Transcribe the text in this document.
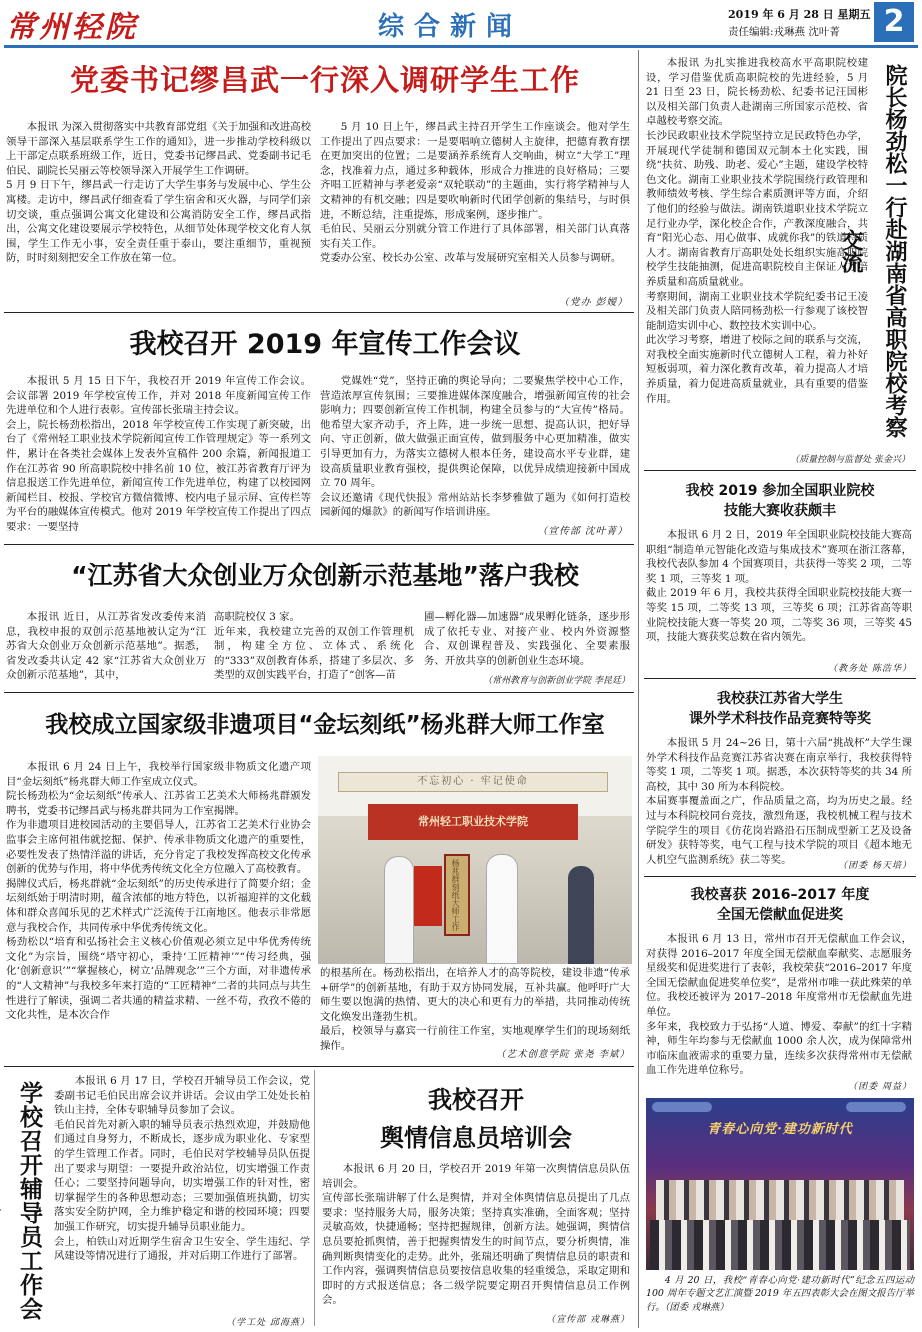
常州轻院	综合新闻	2019 年 6 月 28 日 星期五
责任编辑:戎琳燕 沈叶菁	2
党委书记缪昌武一行深入调研学生工作
本报讯 为深入贯彻落实中共教育部党组《关于加强和改进高校领导干部深入基层联系学生工作的通知》，进一步推动学校科级以上干部定点联系班级工作，近日，党委书记缪昌武、党委副书记毛伯民、副院长吴丽云等校领导深入开展学生工作调研。
5 月 9 日下午，缪昌武一行走访了大学生事务与发展中心、学生公寓楼。走访中，缪昌武仔细查看了学生宿舍和灭火器，与同学们亲切交谈，重点强调公寓文化建设和公寓消防安全工作，缪昌武指出，公寓文化建设要展示学校特色，从细节处体现学校文化育人氛围，学生工作无小事，安全责任重于泰山，要注重细节，重视预防，时时刻刻把安全工作放在第一位。
5 月 10 日上午，缪昌武主持召开学生工作座谈会。他对学生工作提出了四点要求：一是要唱响立德树人主旋律，把德育教育摆在更加突出的位置；二是要涵养系统育人交响曲，树立“大学工”理念，找准着力点，通过多种载体，形成合力推进的良好格局；三要齐唱工匠精神与孝老爱亲“双轮联动”的主题曲，实行将学精神与人文精神的有机交融；四是要吹响新时代团学创新的集结号，与时俱进，不断总结，注重提炼，形成案例，逐步推广。
毛伯民、吴丽云分别就分管工作进行了具体部署，相关部门认真落实有关工作。
党委办公室、校长办公室、改革与发展研究室相关人员参与调研。
（党办 彭嫒）
我校召开 2019 年宣传工作会议
本报讯 5 月 15 日下午，我校召开 2019 年宣传工作会议。会议部署 2019 年学校宣传工作，并对 2018 年度新闻宣传工作先进单位和个人进行表彰。宣传部长张瑞主持会议。
会上，院长杨劲松指出，2018 年学校宣传工作实现了新突破，出台了《常州轻工职业技术学院新闻宣传工作管理规定》等一系列文件，累计在各类社会媒体上发表外宣稿件 200 余篇，新闻报道工作在江苏省 90 所高职院校中排名前 10 位，被江苏省教育厅评为信息报送工作先进单位，新闻宣传工作先进单位，构建了以校园网新闻栏目、校报、学校官方微信微博、校内电子显示屏、宣传栏等为平台的融媒体宣传模式。他对 2019 年学校宣传工作提出了四点要求：一要坚持
党媒姓“党”，坚持正确的舆论导向；二要聚焦学校中心工作，营造浓厚宣传氛围；三要推进媒体深度融合，增强新闻宣传的社会影响力；四要创新宣传工作机制，构建全员参与的“大宣传”格局。他希望大家齐动手，齐上阵，进一步统一思想、提高认识，把好导向、守正创新，做大做强正面宣传，做到服务中心更加精准，做实引导更加有力，为落实立德树人根本任务，建设高水平专业群，建设高质量职业教育强校，提供舆论保障，以优异成绩迎接新中国成立 70 周年。
会议还邀请《现代快报》常州站站长李梦雅做了题为《如何打造校园新闻的爆款》的新闻写作培训讲座。
（宣传部 沈叶菁）
“江苏省大众创业万众创新示范基地”落户我校
本报讯 近日，从江苏省发改委传来消息，我校申报的双创示范基地被认定为“江苏省大众创业万众创新示范基地”。据悉，省发改委共认定 42 家“江苏省大众创业万众创新示范基地”，其中，
高职院校仅 3 家。
近年来，我校建立完善的双创工作管理机制，构建全方位、立体式、系统化的“333”双创教育体系，搭建了多层次、多类型的双创实践平台，打造了“创客—苗
圃—孵化器—加速器”成果孵化链条，逐步形成了依托专业、对接产业、校内外资源整合、双创课程普及、实践强化、全要素服务、开放共享的创新创业生态环境。
（常州教育与创新创业学院 李昆廷）
我校成立国家级非遗项目“金坛刻纸”杨兆群大师工作室
本报讯 6 月 24 日上午，我校举行国家级非物质文化遗产项目“金坛刻纸”杨兆群大师工作室成立仪式。
院长杨劲松为“金坛刻纸”传承人、江苏省工艺美术大师杨兆群颁发聘书，党委书记缪昌武与杨兆群共同为工作室揭牌。
作为非遗项目进校园活动的主要倡导人，江苏省工艺美术行业协会监事会主席何祖伟就挖掘、保护、传承非物质文化遗产的重要性，必要性发表了热情洋溢的讲话，充分肯定了我校发挥高校文化传承创新的优势与作用，将中华优秀传统文化全方位融入了高校教育。
揭牌仪式后，杨兆群就“金坛刻纸”的历史传承进行了简要介绍；金坛刻纸始于明清时期，蕴含浓郁的地方特色，以祈福迎祥的文化载体和群众喜闻乐见的艺术样式广泛流传于江南地区。他表示非常愿意与我校合作，共同传承中华优秀传统文化。
杨劲松以“培育和弘扬社会主义核心价值观必须立足中华优秀传统文化”为宗旨，围绕“塔守初心，秉持‘工匠精神’”“传习经典，强化‘创新意识’”“掌握核心，树立‘品牌观念’”三个方面，对非遗传承的“人文精神”与我校多年来打造的“工匠精神”二者的共同点与共生性进行了解读，强调二者共通的精益求精、一丝不苟，孜孜不倦的文化共性，是本次合作
不忘初心 · 牢记使命
常州轻工职业技术学院
杨兆群刻纸大师工作
的根基所在。杨劲松指出，在培养人才的高等院校，建设非遗“传承+研学”的创新基地，有助于双方协同发展，互补共赢。他呼吁广大师生要以饱满的热情、更大的决心和更有力的举措，共同推动传统文化焕发出蓬勃生机。
最后，校领导与嘉宾一行前往工作室，实地观摩学生们的现场刻纸操作。
（艺术创意学院 张尧 李斌）
学校召开辅导员工作会
本报讯 6 月 17 日，学校召开辅导员工作会议，党委副书记毛伯民出席会议并讲话。会议由学工处处长柏铁山主持，全体专职辅导员参加了会议。
毛伯民首先对新入职的辅导员表示热烈欢迎，并鼓励他们通过自身努力，不断成长，逐步成为职业化、专家型的学生管理工作者。同时，毛伯民对学校辅导员队伍提出了要求与期望：一要提升政治站位，切实增强工作责任心；二要坚持问题导向，切实增强工作的针对性，密切掌握学生的各种思想动态；三要加强值班执勤，切实落实安全防护网，全力维护稳定和谐的校园环境；四要加强工作研究，切实提升辅导员职业能力。
会上，柏铁山对近期学生宿舍卫生安全、学生违纪、学风建设等情况进行了通报，并对后期工作进行了部署。
（学工处 邱海燕）
我校召开
舆情信息员培训会
本报讯 6 月 20 日，学校召开 2019 年第一次舆情信息员队伍培训会。
宣传部长张瑞讲解了什么是舆情，并对全体舆情信息员提出了几点要求：坚持服务大局，服务决策；坚持真实准确，全面客观；坚持灵敏高效，快捷通畅；坚持把握规律，创新方法。她强调，舆情信息员要抢抓舆情，善于把握舆情发生的时间节点，要分析舆情，准确判断舆情变化的走势。此外，张瑞还明确了舆情信息员的职责和工作内容，强调舆情信息员要按信息收集的轻重缓急，采取定期和即时的方式报送信息；各二级学院要定期召开舆情信息员工作例会。
（宣传部 戎琳燕）
院长杨劲松一行赴湖南省高职院校考察交流
本报讯 为扎实推进我校高水平高职院校建设，学习借鉴优质高职院校的先进经验，5 月 21 日至 23 日，院长杨劲松、纪委书记汪国彬以及相关部门负责人赴湖南三所国家示范校、省卓越校考察交流。
长沙民政职业技术学院坚持立足民政特色办学，开展现代学徒制和德国双元制本土化实践，围绕“扶贫、助残、助老、爱心”主题，建设学校特色文化。湖南工业职业技术学院围绕行政管理和教师绩效考核、学生综合素质测评等方面，介绍了他们的经验与做法。湖南铁道职业技术学院立足行业办学，深化校企合作，产教深度融合，共育“阳光心态、用心做事、成就你我”的铁道特质人才。湖南省教育厅高职处处长组织实施高职院校学生技能抽测，促进高职院校自主保证人才培养质量和高质量就业。
考察期间，湖南工业职业技术学院纪委书记王凌及相关部门负责人陪同杨劲松一行参观了该校智能制造实训中心、数控技术实训中心。
此次学习考察，增进了校际之间的联系与交流，对我校全面实施新时代立德树人工程，着力补好短板弱项，着力深化教育改革，着力提高人才培养质量，着力促进高质量就业，具有重要的借鉴作用。
（质量控制与监督处 张金兴）
我校 2019 参加全国职业院校
技能大赛收获颇丰
本报讯 6 月 2 日，2019 年全国职业院校技能大赛高职组“制造单元智能化改造与集成技术”赛项在浙江落幕，我校代表队参加 4 个国赛项目，共获得一等奖 2 项，二等奖 1 项，三等奖 1 项。
截止 2019 年 6 月，我校共获得全国职业院校技能大赛一等奖 15 项，二等奖 13 项，三等奖 6 项；江苏省高等职业院校技能大赛一等奖 20 项，二等奖 36 项，三等奖 45 项，技能大赛获奖总数在省内领先。
（教务处 陈浩华）
我校获江苏省大学生
课外学术科技作品竞赛特等奖
本报讯 5 月 24~26 日，第十六届“挑战杯”大学生课外学术科技作品竞赛江苏省决赛在南京举行，我校获得特等奖 1 项，二等奖 1 项。据悉，本次获特等奖的共 34 所高校，其中 30 所为本科院校。
本届赛事覆盖面之广，作品质量之高，均为历史之最。经过与本科院校同台竞技，激烈角逐，我校机械工程与技术学院学生的项目《仿花岗岩路沿石压制成型新工艺及设备研发》获特等奖，电气工程与技术学院的项目《超本地无人机空气监测系统》获二等奖。
（团委 杨天培）
我校喜获 2016–2017 年度
全国无偿献血促进奖
本报讯 6 月 13 日，常州市召开无偿献血工作会议，对获得 2016–2017 年度全国无偿献血奉献奖、志愿服务星级奖和促进奖进行了表彰，我校荣获“2016–2017 年度全国无偿献血促进奖单位奖”，是常州市唯一获此殊荣的单位。我校还被评为 2017–2018 年度常州市无偿献血先进单位。
多年来，我校致力于弘扬“人道、博爱、奉献”的红十字精神，师生年均参与无偿献血 1000 余人次，成为保障常州市临床血液需求的重要力量，连续多次获得常州市无偿献血工作先进单位称号。
（团委 周益）
青春心向党·建功新时代
4 月 20 日，我校“青春心向党·建功新时代”纪念五四运动 100 周年专题文艺汇演暨 2019 年五四表彰大会在图文报告厅举行。（团委 戎琳燕）
